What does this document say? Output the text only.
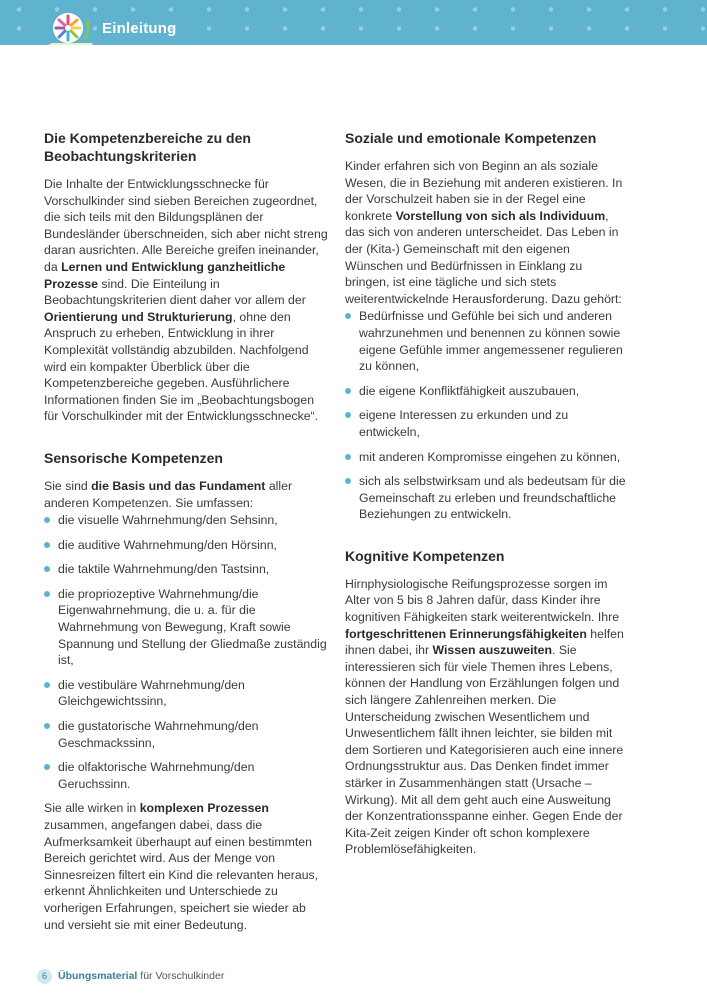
Einleitung
Die Kompetenzbereiche zu den
Beobachtungskriterien

Die Inhalte der Entwicklungsschnecke für Vorschulkinder sind sieben Bereichen zugeordnet, die sich teils mit den Bildungsplänen der Bundesländer überschneiden, sich aber nicht streng daran ausrichten. Alle Bereiche greifen ineinander, da Lernen und Entwicklung ganzheitliche Prozesse sind. Die Einteilung in Beobachtungskriterien dient daher vor allem der Orientierung und Strukturierung, ohne den Anspruch zu erheben, Entwicklung in ihrer Komplexität vollständig abzubilden. Nachfolgend wird ein kompakter Überblick über die Kompetenzbereiche gegeben. Ausführlichere Informationen finden Sie im „Beobachtungsbogen für Vorschulkinder mit der Entwicklungsschnecke“.

Sensorische Kompetenzen

Sie sind die Basis und das Fundament aller anderen Kompetenzen. Sie umfassen:

die visuelle Wahrnehmung/den Sehsinn,
die auditive Wahrnehmung/den Hörsinn,
die taktile Wahrnehmung/den Tastsinn,
die propriozeptive Wahrnehmung/die Eigenwahrnehmung, die u. a. für die Wahrnehmung von Bewegung, Kraft sowie Spannung und Stellung der Gliedmaße zuständig ist,
die vestibuläre Wahrnehmung/den Gleichgewichtssinn,
die gustatorische Wahrnehmung/den Geschmackssinn,
die olfaktorische Wahrnehmung/den Geruchssinn.

Sie alle wirken in komplexen Prozessen zusammen, angefangen dabei, dass die Aufmerksamkeit überhaupt auf einen bestimmten Bereich gerichtet wird. Aus der Menge von Sinnesreizen filtert ein Kind die relevanten heraus, erkennt Ähnlichkeiten und Unterschiede zu vorherigen Erfahrungen, speichert sie wieder ab und versieht sie mit einer Bedeutung.

Soziale und emotionale Kompetenzen

Kinder erfahren sich von Beginn an als soziale Wesen, die in Beziehung mit anderen existieren. In der Vorschulzeit haben sie in der Regel eine konkrete Vorstellung von sich als Individuum, das sich von anderen unterscheidet. Das Leben in der (Kita-) Gemeinschaft mit den eigenen Wünschen und Bedürfnissen in Einklang zu bringen, ist eine tägliche und sich stets weiterentwickelnde Herausforderung. Dazu gehört:

Bedürfnisse und Gefühle bei sich und anderen wahrzunehmen und benennen zu können sowie eigene Gefühle immer angemessener regulieren zu können,
die eigene Konfliktfähigkeit auszubauen,
eigene Interessen zu erkunden und zu entwickeln,
mit anderen Kompromisse eingehen zu können,
sich als selbstwirksam und als bedeutsam für die Gemeinschaft zu erleben und freundschaftliche Beziehungen zu entwickeln.
Kognitive Kompetenzen

Hirnphysiologische Reifungsprozesse sorgen im Alter von 5 bis 8 Jahren dafür, dass Kinder ihre kognitiven Fähigkeiten stark weiterentwickeln. Ihre fortgeschrittenen Erinnerungsfähigkeiten helfen ihnen dabei, ihr Wissen auszuweiten. Sie interessieren sich für viele Themen ihres Lebens, können der Handlung von Erzählungen folgen und sich längere Zahlenreihen merken. Die Unterscheidung zwischen Wesentlichem und Unwesentlichem fällt ihnen leichter, sie bilden mit dem Sortieren und Kategorisieren auch eine innere Ordnungsstruktur aus. Das Denken findet immer stärker in Zusammenhängen statt (Ursache – Wirkung). Mit all dem geht auch eine Ausweitung der Konzentrationsspanne einher. Gegen Ende der Kita-Zeit zeigen Kinder oft schon komplexere Problemlösefähigkeiten.

6	Übungsmaterial für Vorschulkinder
